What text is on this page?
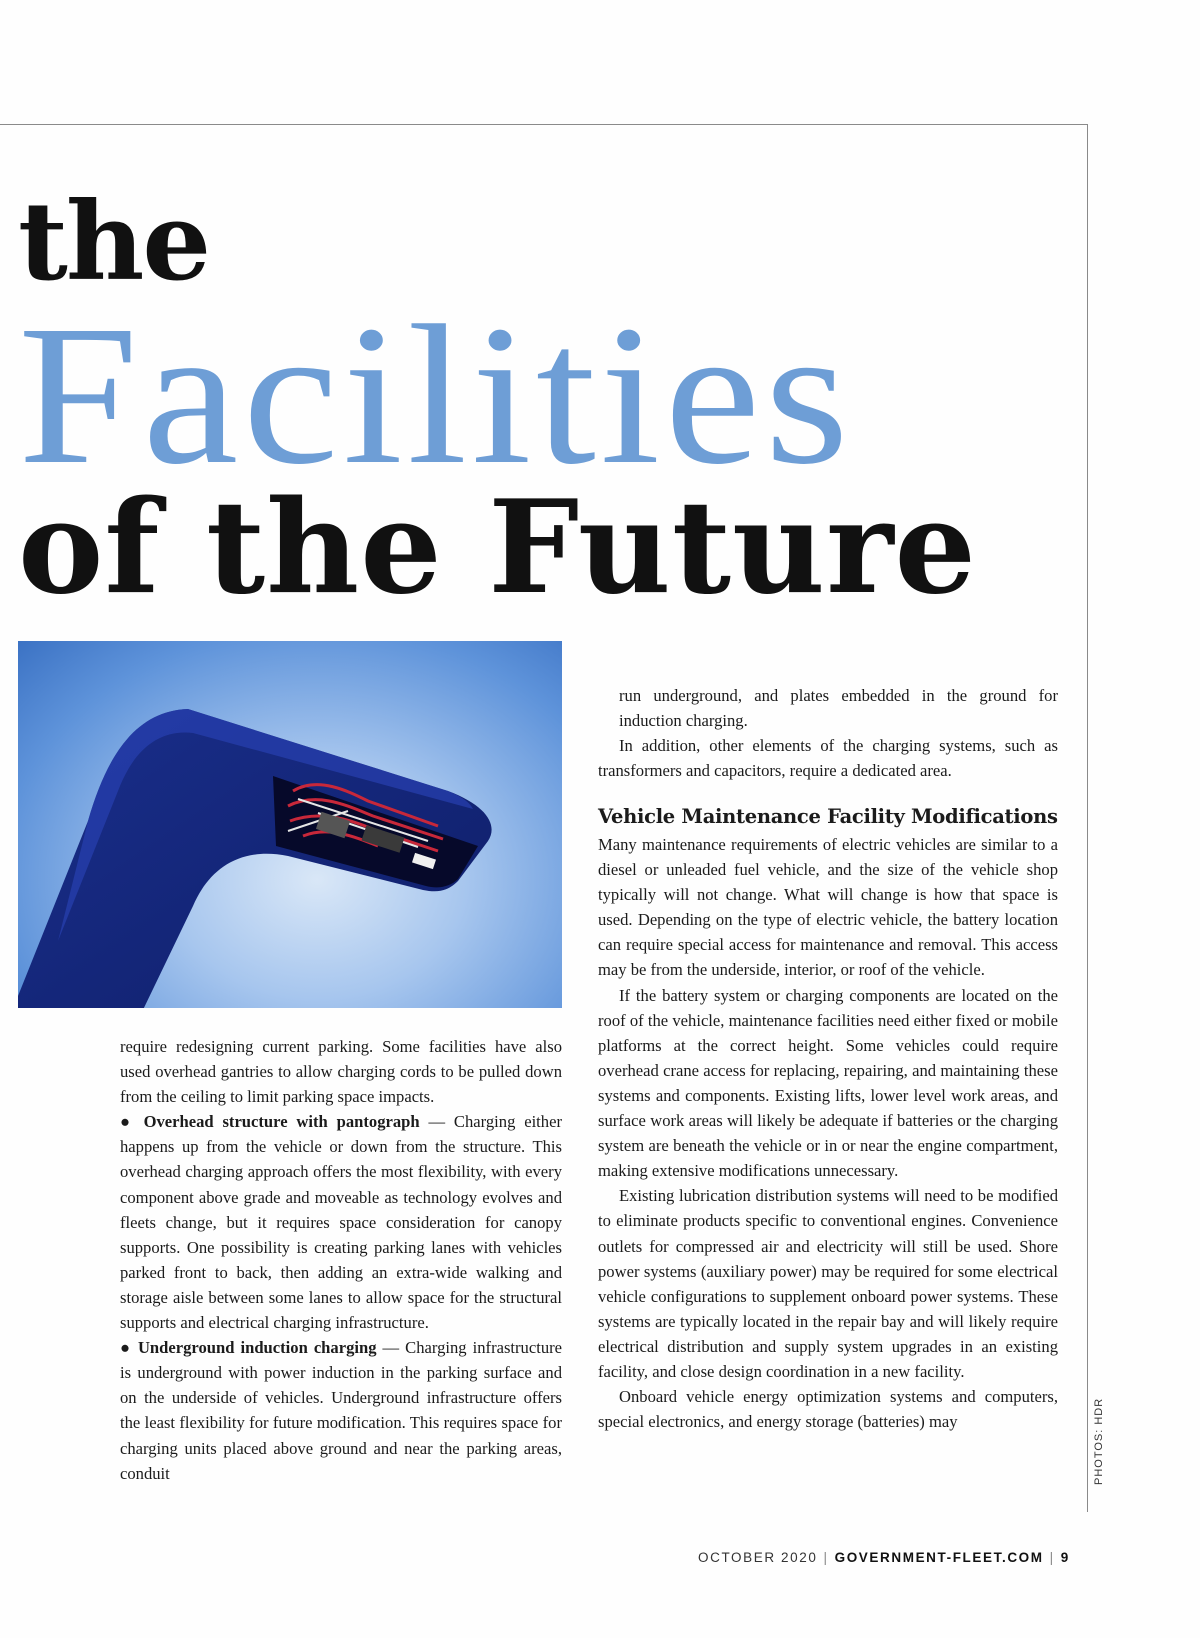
the
Facilities
of the Future

require redesigning current parking. Some facilities have also used overhead gantries to allow charging cords to be pulled down from the ceiling to limit parking space impacts.

● Overhead structure with pantograph — Charging either happens up from the vehicle or down from the structure. This overhead charging approach offers the most flexibility, with every component above grade and moveable as technology evolves and fleets change, but it requires space consideration for canopy supports. One possibility is creating parking lanes with vehicles parked front to back, then adding an extra-wide walking and storage aisle between some lanes to allow space for the structural supports and electrical charging infrastructure.

● Underground induction charging — Charging infrastructure is underground with power induction in the parking surface and on the underside of vehicles. Underground infrastructure offers the least flexibility for future modification. This requires space for charging units placed above ground and near the parking areas, conduit

run underground, and plates embedded in the ground for induction charging.

In addition, other elements of the charging systems, such as transformers and capacitors, require a dedicated area.

Vehicle Maintenance Facility Modifications

Many maintenance requirements of electric vehicles are similar to a diesel or unleaded fuel vehicle, and the size of the vehicle shop typically will not change. What will change is how that space is used. Depending on the type of electric vehicle, the battery location can require special access for maintenance and removal. This access may be from the underside, interior, or roof of the vehicle.

If the battery system or charging components are located on the roof of the vehicle, maintenance facilities need either fixed or mobile platforms at the correct height. Some vehicles could require overhead crane access for replacing, repairing, and maintaining these systems and components. Existing lifts, lower level work areas, and surface work areas will likely be adequate if batteries or the charging system are beneath the vehicle or in or near the engine compartment, making extensive modifications unnecessary.

Existing lubrication distribution systems will need to be modified to eliminate products specific to conventional engines. Convenience outlets for compressed air and electricity will still be used. Shore power systems (auxiliary power) may be required for some electrical vehicle configurations to supplement onboard power systems. These systems are typically located in the repair bay and will likely require electrical distribution and supply system upgrades in an existing facility, and close design coordination in a new facility.

Onboard vehicle energy optimization systems and computers, special electronics, and energy storage (batteries) may	PHOTOS: HDR
OCTOBER 2020 | GOVERNMENT-FLEET.COM | 9
